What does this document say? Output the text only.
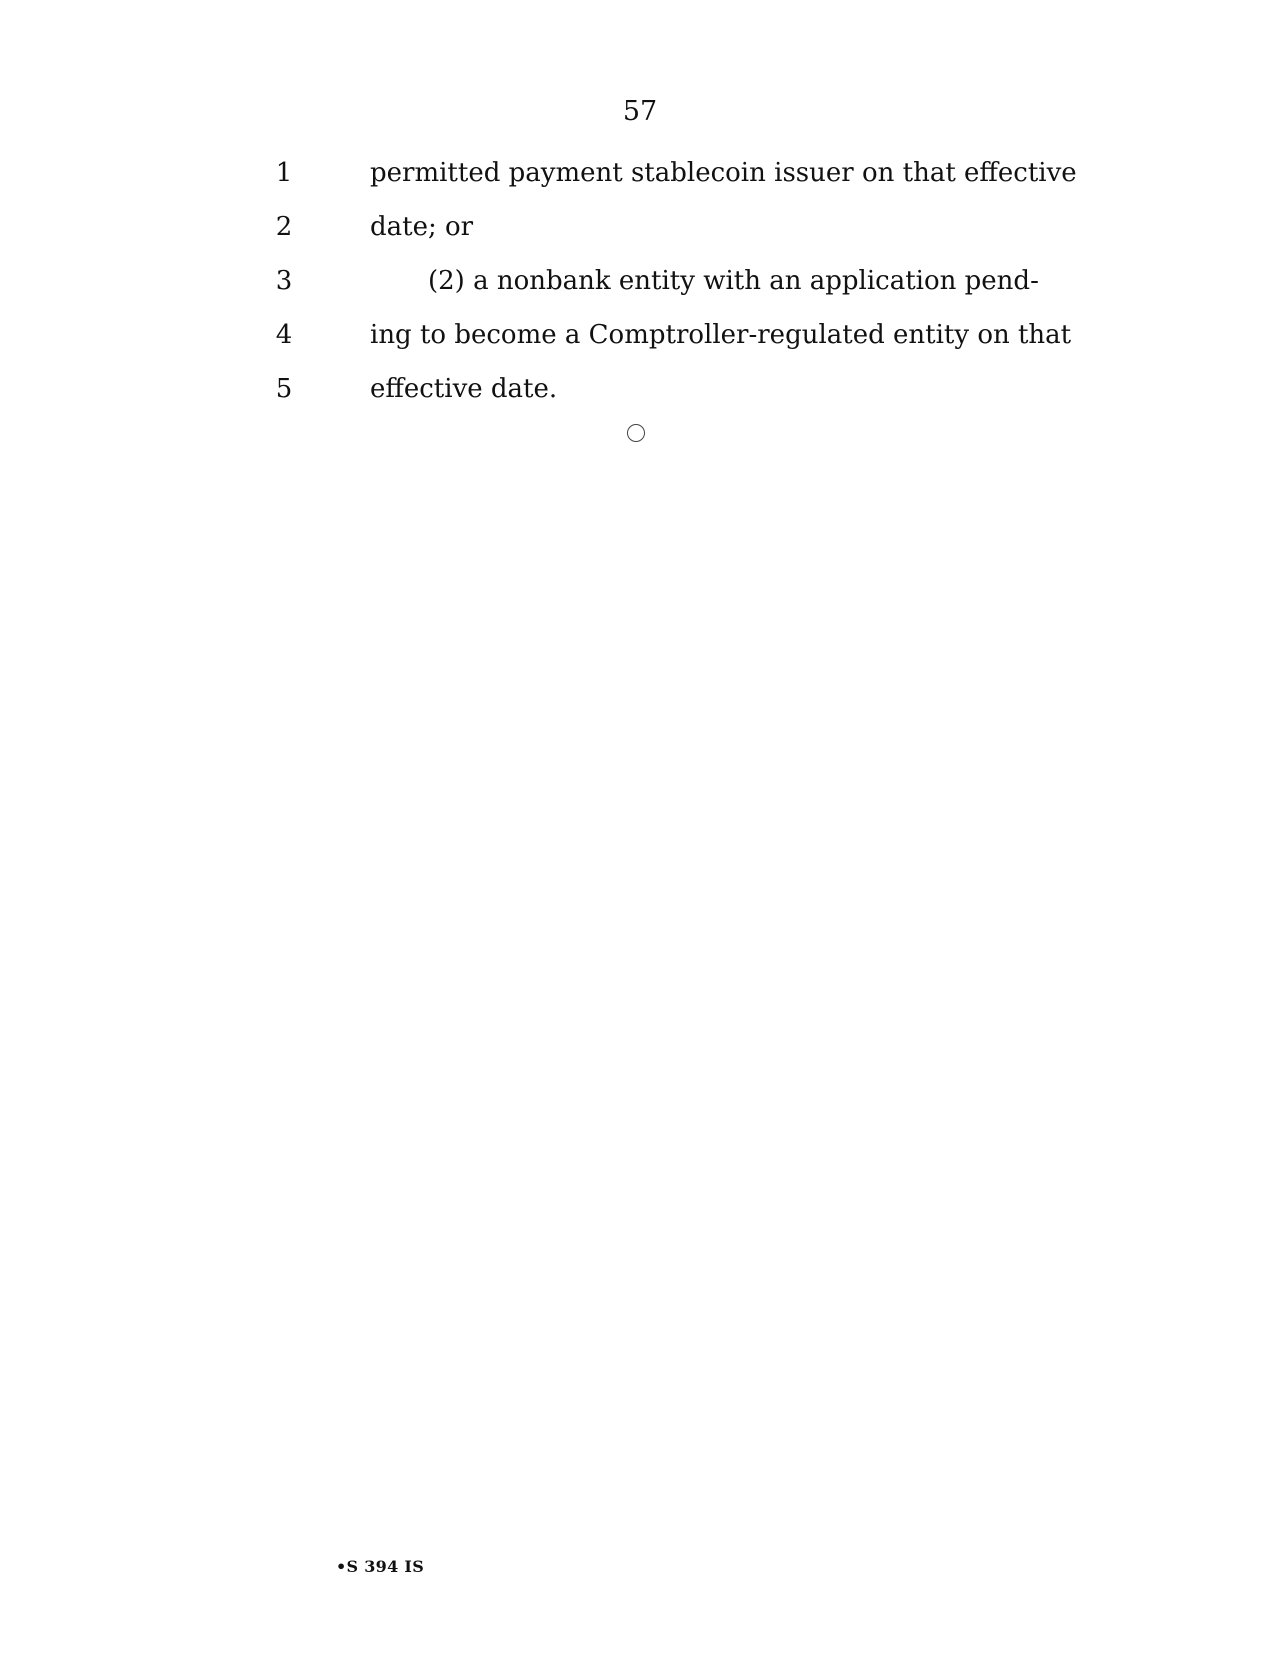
57
1	permitted payment stablecoin issuer on that effective
2	date; or
3	(2) a nonbank entity with an application pend-
4	ing to become a Comptroller-regulated entity on that
5	effective date.
•S 394 IS
